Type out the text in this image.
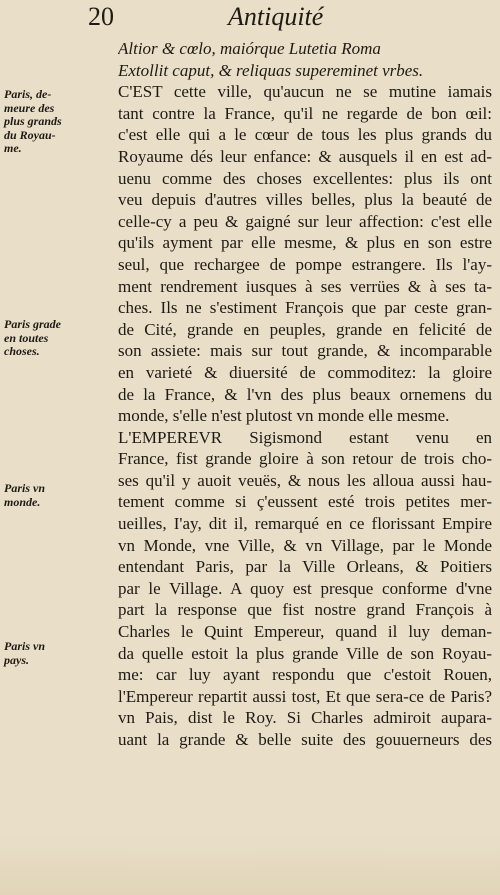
20	Antiquité
Altior & cœlo, maiórque Lutetia Roma
Extollit caput, & reliquas supereminet vrbes.
C'EST cette ville, qu'aucun ne se mutine iamais
tant contre la France, qu'il ne regarde de bon œil:
c'est elle qui a le cœur de tous les plus grands du
Royaume dés leur enfance: & ausquels il en est ad-
uenu comme des choses excellentes: plus ils ont
veu depuis d'autres villes belles, plus la beauté de
celle-cy a peu & gaigné sur leur affection: c'est elle
qu'ils ayment par elle mesme, & plus en son estre
seul, que rechargee de pompe estrangere. Ils l'ay-
ment rendrement iusques à ses verrües & à ses ta-
ches. Ils ne s'estiment François que par ceste gran-
de Cité, grande en peuples, grande en felicité de
son assiete: mais sur tout grande, & incomparable
en varieté & diuersité de commoditez: la gloire
de la France, & l'vn des plus beaux ornemens du
monde, s'elle n'est plutost vn monde elle mesme.
L'EMPEREVR Sigismond estant venu en
France, fist grande gloire à son retour de trois cho-
ses qu'il y auoit veuës, & nous les alloua aussi hau-
tement comme si ç'eussent esté trois petites mer-
ueilles, I'ay, dit il, remarqué en ce florissant Empire
vn Monde, vne Ville, & vn Village, par le Monde
entendant Paris, par la Ville Orleans, & Poitiers
par le Village. A quoy est presque conforme d'vne
part la response que fist nostre grand François à
Charles le Quint Empereur, quand il luy deman-
da quelle estoit la plus grande Ville de son Royau-
me: car luy ayant respondu que c'estoit Rouen,
l'Empereur repartit aussi tost, Et que sera-ce de Paris?
vn Pais, dist le Roy. Si Charles admiroit aupara-
uant la grande & belle suite des gouuerneurs des
Paris, de-
meure des
plus grands
du Royau-
me.
Paris grade
en toutes
choses.
Paris vn
monde.
Paris vn
pays.
